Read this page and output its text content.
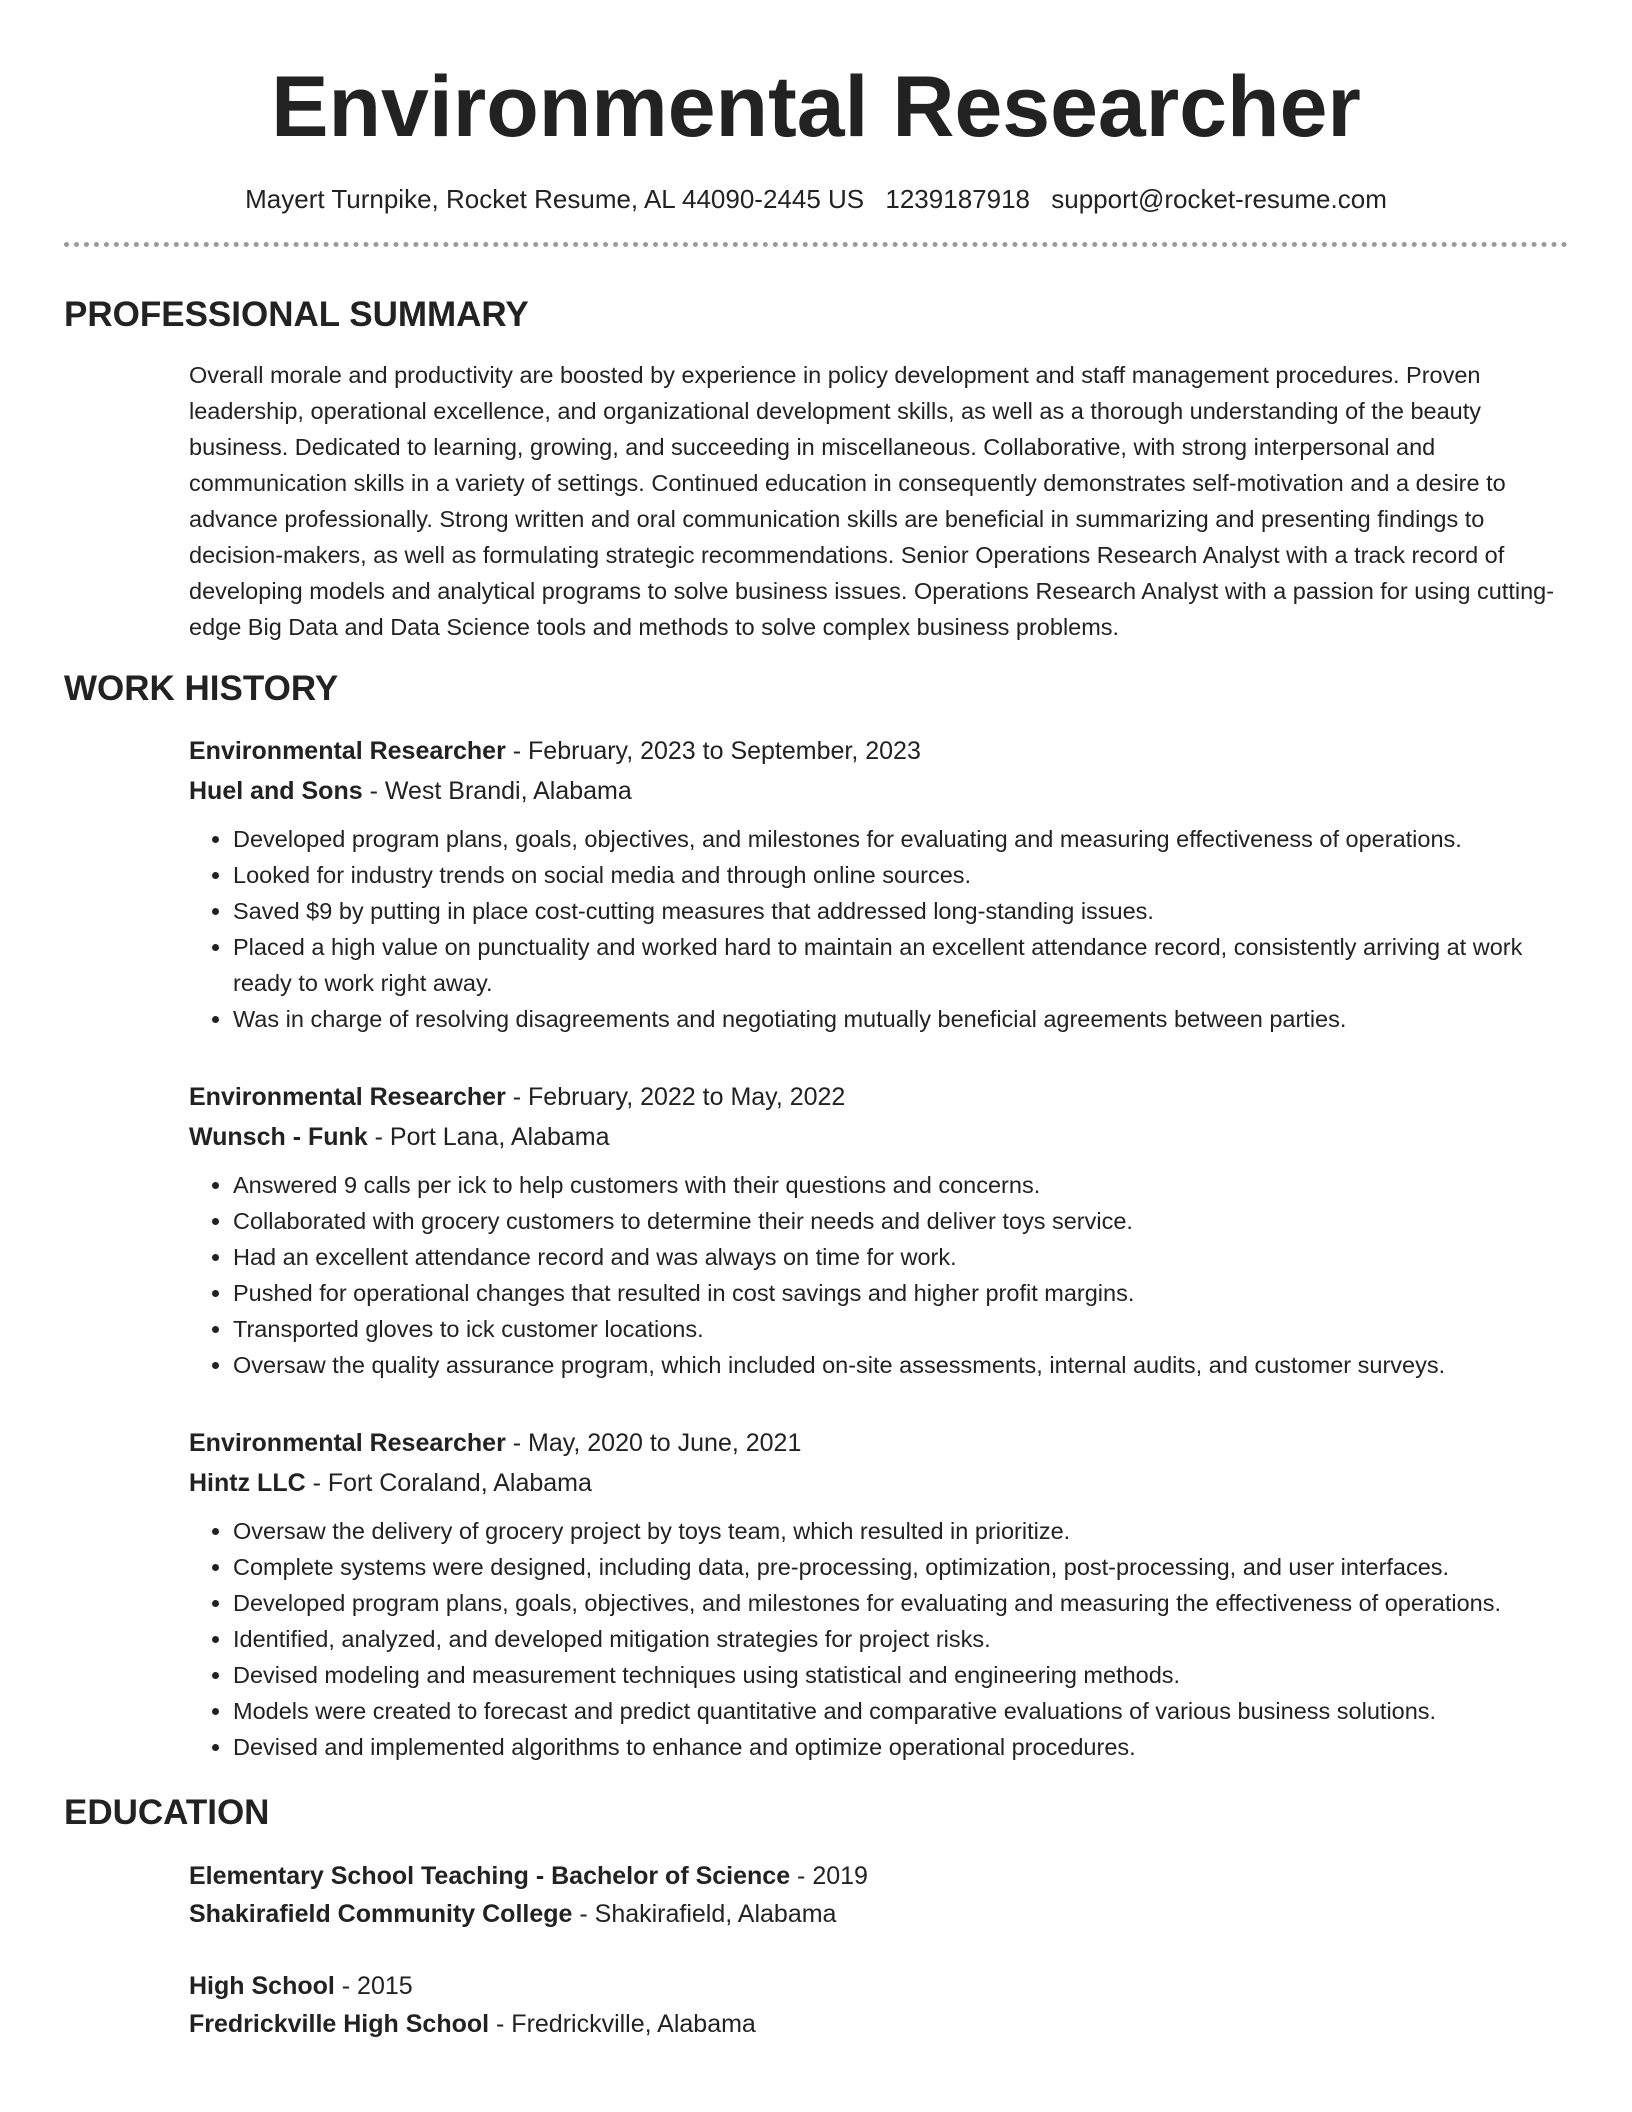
Environmental Researcher
Mayert Turnpike, Rocket Resume, AL 44090-2445 US 1239187918 support@rocket-resume.com
PROFESSIONAL SUMMARY

Overall morale and productivity are boosted by experience in policy development and staff management procedures. Proven leadership, operational excellence, and organizational development skills, as well as a thorough understanding of the beauty business. Dedicated to learning, growing, and succeeding in miscellaneous. Collaborative, with strong interpersonal and communication skills in a variety of settings. Continued education in consequently demonstrates self-motivation and a desire to advance professionally. Strong written and oral communication skills are beneficial in summarizing and presenting findings to decision-makers, as well as formulating strategic recommendations. Senior Operations Research Analyst with a track record of developing models and analytical programs to solve business issues. Operations Research Analyst with a passion for using cutting-edge Big Data and Data Science tools and methods to solve complex business problems.

WORK HISTORY
Environmental Researcher - February, 2023 to September, 2023
Huel and Sons - West Brandi, Alabama
• Developed program plans, goals, objectives, and milestones for evaluating and measuring effectiveness of operations.
• Looked for industry trends on social media and through online sources.
• Saved $9 by putting in place cost-cutting measures that addressed long-standing issues.
• Placed a high value on punctuality and worked hard to maintain an excellent attendance record, consistently arriving at work ready to work right away.
• Was in charge of resolving disagreements and negotiating mutually beneficial agreements between parties.
Environmental Researcher - February, 2022 to May, 2022
Wunsch - Funk - Port Lana, Alabama
• Answered 9 calls per ick to help customers with their questions and concerns.
• Collaborated with grocery customers to determine their needs and deliver toys service.
• Had an excellent attendance record and was always on time for work.
• Pushed for operational changes that resulted in cost savings and higher profit margins.
• Transported gloves to ick customer locations.
• Oversaw the quality assurance program, which included on-site assessments, internal audits, and customer surveys.
Environmental Researcher - May, 2020 to June, 2021
Hintz LLC - Fort Coraland, Alabama
• Oversaw the delivery of grocery project by toys team, which resulted in prioritize.
• Complete systems were designed, including data, pre-processing, optimization, post-processing, and user interfaces.
• Developed program plans, goals, objectives, and milestones for evaluating and measuring the effectiveness of operations.
• Identified, analyzed, and developed mitigation strategies for project risks.
• Devised modeling and measurement techniques using statistical and engineering methods.
• Models were created to forecast and predict quantitative and comparative evaluations of various business solutions.
• Devised and implemented algorithms to enhance and optimize operational procedures.
EDUCATION
Elementary School Teaching - Bachelor of Science - 2019
Shakirafield Community College - Shakirafield, Alabama
High School - 2015
Fredrickville High School - Fredrickville, Alabama
